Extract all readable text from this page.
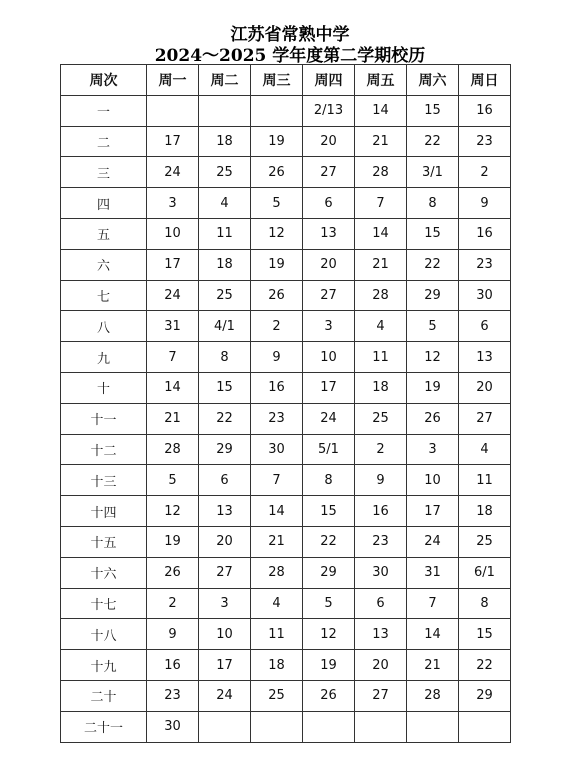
江苏省常熟中学
2024～2025 学年度第二学期校历
周次	周一	周二	周三	周四	周五	周六	周日
一				2/13	14	15	16
二	17	18	19	20	21	22	23
三	24	25	26	27	28	3/1	2
四	3	4	5	6	7	8	9
五	10	11	12	13	14	15	16
六	17	18	19	20	21	22	23
七	24	25	26	27	28	29	30
八	31	4/1	2	3	4	5	6
九	7	8	9	10	11	12	13
十	14	15	16	17	18	19	20
十一	21	22	23	24	25	26	27
十二	28	29	30	5/1	2	3	4
十三	5	6	7	8	9	10	11
十四	12	13	14	15	16	17	18
十五	19	20	21	22	23	24	25
十六	26	27	28	29	30	31	6/1
十七	2	3	4	5	6	7	8
十八	9	10	11	12	13	14	15
十九	16	17	18	19	20	21	22
二十	23	24	25	26	27	28	29
二十一	30						
